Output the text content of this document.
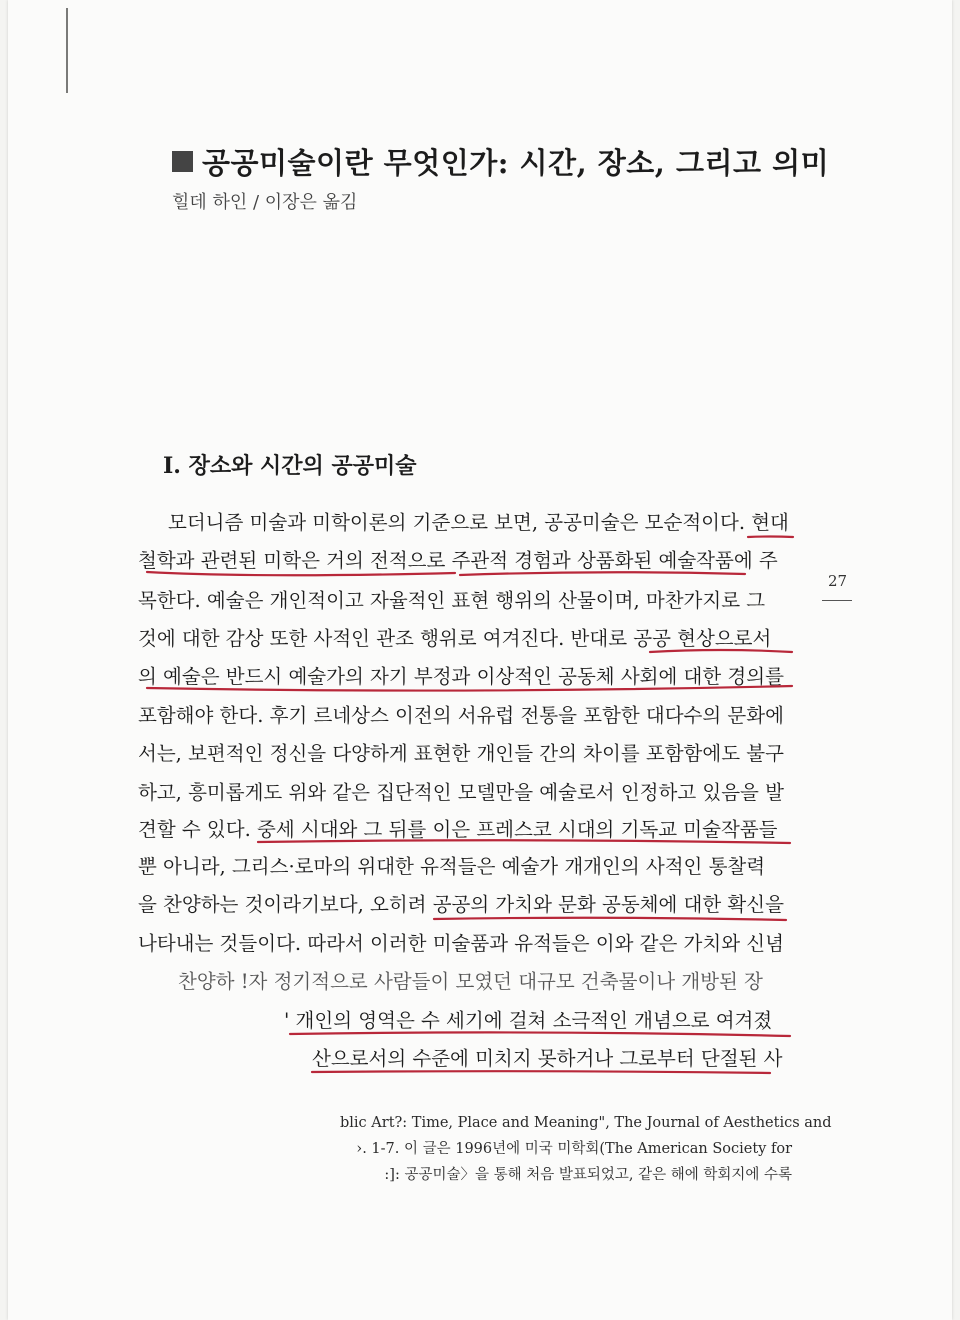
공공미술이란 무엇인가: 시간, 장소, 그리고 의미
힐데 하인 / 이장은 옮김
I. 장소와 시간의 공공미술
27
모더니즘 미술과 미학이론의 기준으로 보면, 공공미술은 모순적이다. 현대
철학과 관련된 미학은 거의 전적으로 주관적 경험과 상품화된 예술작품에 주
목한다. 예술은 개인적이고 자율적인 표현 행위의 산물이며, 마찬가지로 그
것에 대한 감상 또한 사적인 관조 행위로 여겨진다. 반대로 공공 현상으로서
의 예술은 반드시 예술가의 자기 부정과 이상적인 공동체 사회에 대한 경의를
포함해야 한다. 후기 르네상스 이전의 서유럽 전통을 포함한 대다수의 문화에
서는, 보편적인 정신을 다양하게 표현한 개인들 간의 차이를 포함함에도 불구
하고, 흥미롭게도 위와 같은 집단적인 모델만을 예술로서 인정하고 있음을 발
견할 수 있다. 중세 시대와 그 뒤를 이은 프레스코 시대의 기독교 미술작품들
뿐 아니라, 그리스·로마의 위대한 유적들은 예술가 개개인의 사적인 통찰력
을 찬양하는 것이라기보다, 오히려 공공의 가치와 문화 공동체에 대한 확신을
나타내는 것들이다. 따라서 이러한 미술품과 유적들은 이와 같은 가치와 신념
찬양하 !자 정기적으로 사람들이 모였던 대규모 건축물이나 개방된 장
' 개인의 영역은 수 세기에 걸쳐 소극적인 개념으로 여겨졌
산으로서의 수준에 미치지 못하거나 그로부터 단절된 사
blic Art?: Time, Place and Meaning", The Journal of Aesthetics and
›. 1-7. 이 글은 1996년에 미국 미학회(The American Society for
:]: 공공미술〉을 통해 처음 발표되었고, 같은 해에 학회지에 수록
